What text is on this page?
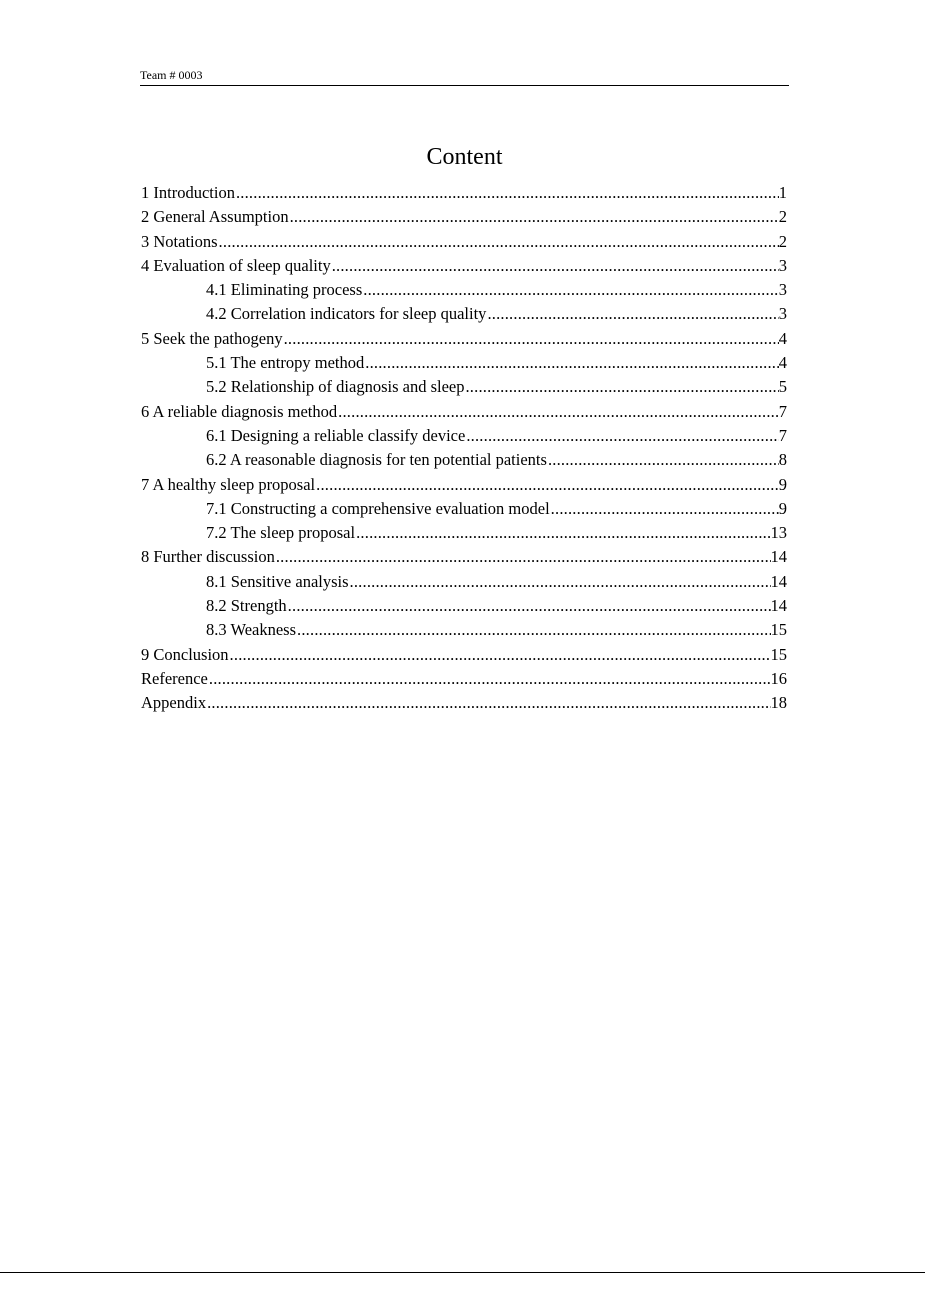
Team # 0003
Content
1 Introduction .....	1
2 General Assumption .....	2
3 Notations .....	2
4 Evaluation of sleep quality .....	3
4.1 Eliminating process .....	3
4.2 Correlation indicators for sleep quality .....	3
5 Seek the pathogeny .....	4
5.1 The entropy method .....	4
5.2 Relationship of diagnosis and sleep .....	5
6 A reliable diagnosis method .....	7
6.1 Designing a reliable classify device .....	7
6.2 A reasonable diagnosis for ten potential patients .....	8
7 A healthy sleep proposal .....	9
7.1 Constructing a comprehensive evaluation model .....	9
7.2 The sleep proposal .....	13
8 Further discussion .....	14
8.1 Sensitive analysis .....	14
8.2 Strength .....	14
8.3 Weakness .....	15
9 Conclusion .....	15
Reference .....	16
Appendix .....	18
